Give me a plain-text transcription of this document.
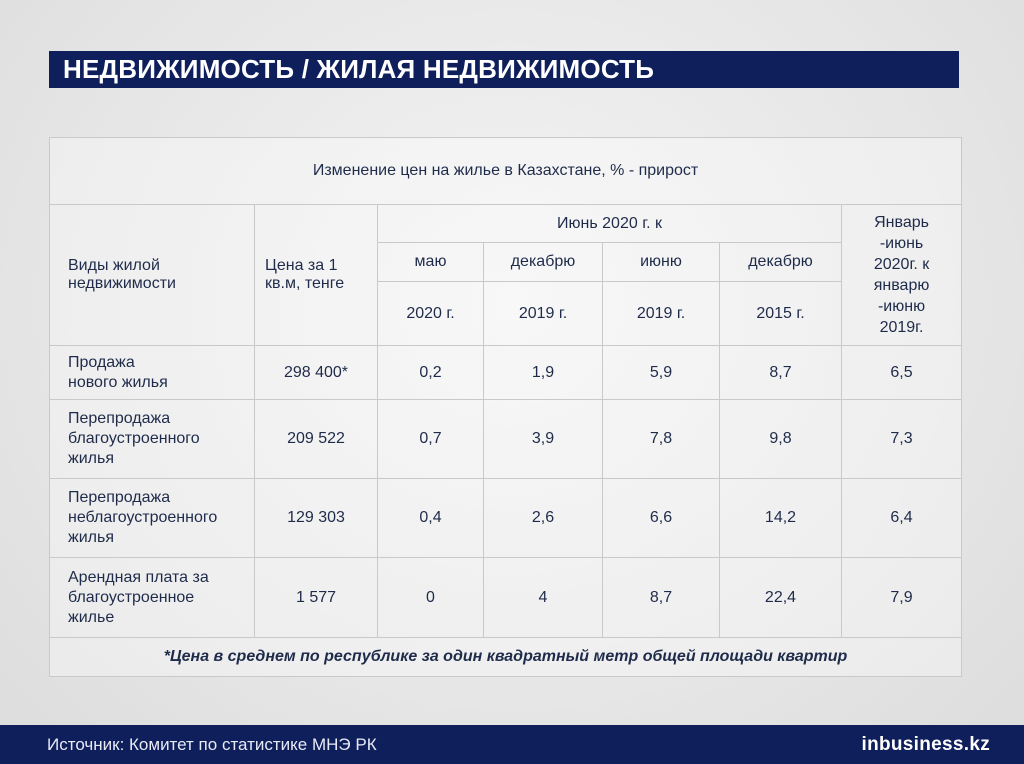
НЕДВИЖИМОСТЬ / ЖИЛАЯ НЕДВИЖИМОСТЬ
Изменение цен на жилье в Казахстане, % - прирост						

Виды жилой недвижимости	Цена за 1 кв.м, тенге	Июнь 2020 г. к				Январь -июнь 2020г. к январю -июню 2019г.

		маю	декабрю	июню	декабрю	
		2020 г.	2019 г.	2019 г.	2015 г.	

Продажа нового жилья	298 400*	0,2	1,9	5,9	8,7	6,5

Перепродажа благоустроенного жилья	209 522	0,7	3,9	7,8	9,8	7,3

Перепродажа неблагоустроенного жилья	129 303	0,4	2,6	6,6	14,2	6,4

Арендная плата за благоустроенное жилье	1 577	0	4	8,7	22,4	7,9
*Цена в среднем по республике за один квадратный метр общей площади квартир						
Источник: Комитет по статистике МНЭ РК	inbusiness.kz
